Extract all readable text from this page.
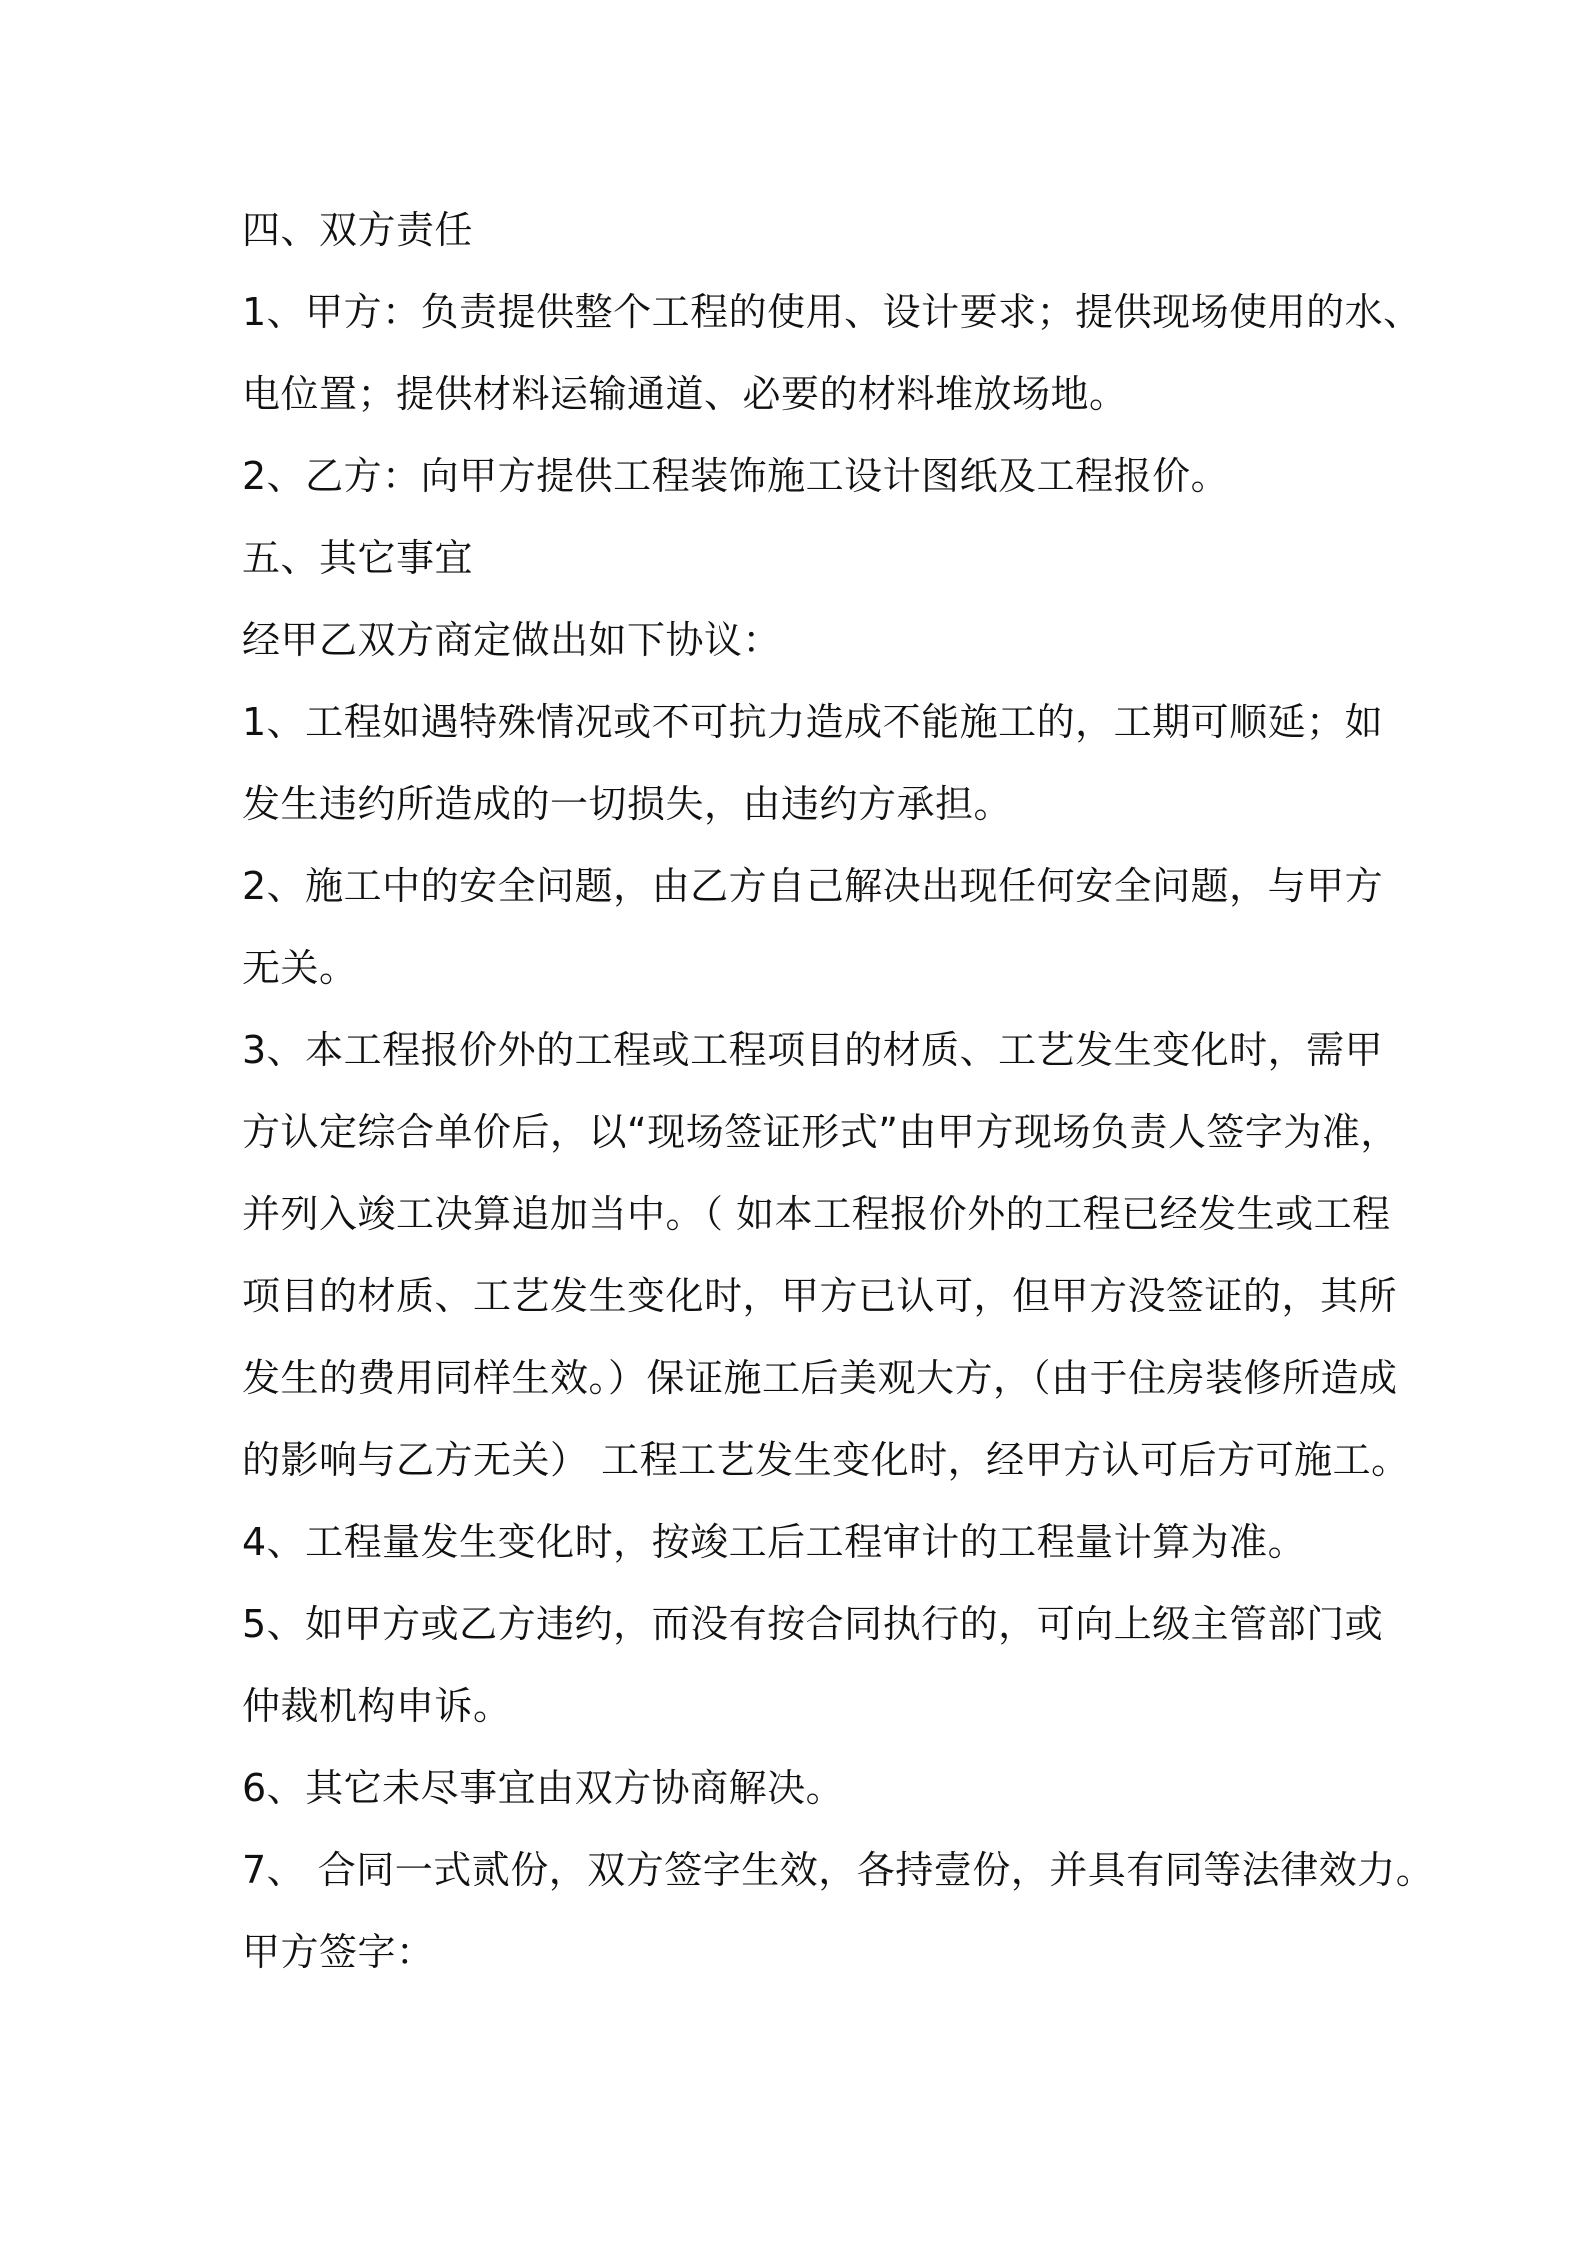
四、双方责任
1、甲方：负责提供整个工程的使用、设计要求；提供现场使用的水、
电位置；提供材料运输通道、必要的材料堆放场地。
2、乙方：向甲方提供工程装饰施工设计图纸及工程报价。
五、其它事宜
经甲乙双方商定做出如下协议：
1、工程如遇特殊情况或不可抗力造成不能施工的，工期可顺延；如
发生违约所造成的一切损失，由违约方承担。
2、施工中的安全问题，由乙方自己解决出现任何安全问题，与甲方
无关。
3、本工程报价外的工程或工程项目的材质、工艺发生变化时，需甲
方认定综合单价后，以“现场签证形式”由甲方现场负责人签字为准，
并列入竣工决算追加当中。（ 如本工程报价外的工程已经发生或工程
项目的材质、工艺发生变化时，甲方已认可，但甲方没签证的，其所
发生的费用同样生效。）保证施工后美观大方，（由于住房装修所造成
的影响与乙方无关） 工程工艺发生变化时，经甲方认可后方可施工。
4、工程量发生变化时，按竣工后工程审计的工程量计算为准。
5、如甲方或乙方违约，而没有按合同执行的，可向上级主管部门或
仲裁机构申诉。
6、其它未尽事宜由双方协商解决。
7、 合同一式贰份，双方签字生效，各持壹份，并具有同等法律效力。
甲方签字：
